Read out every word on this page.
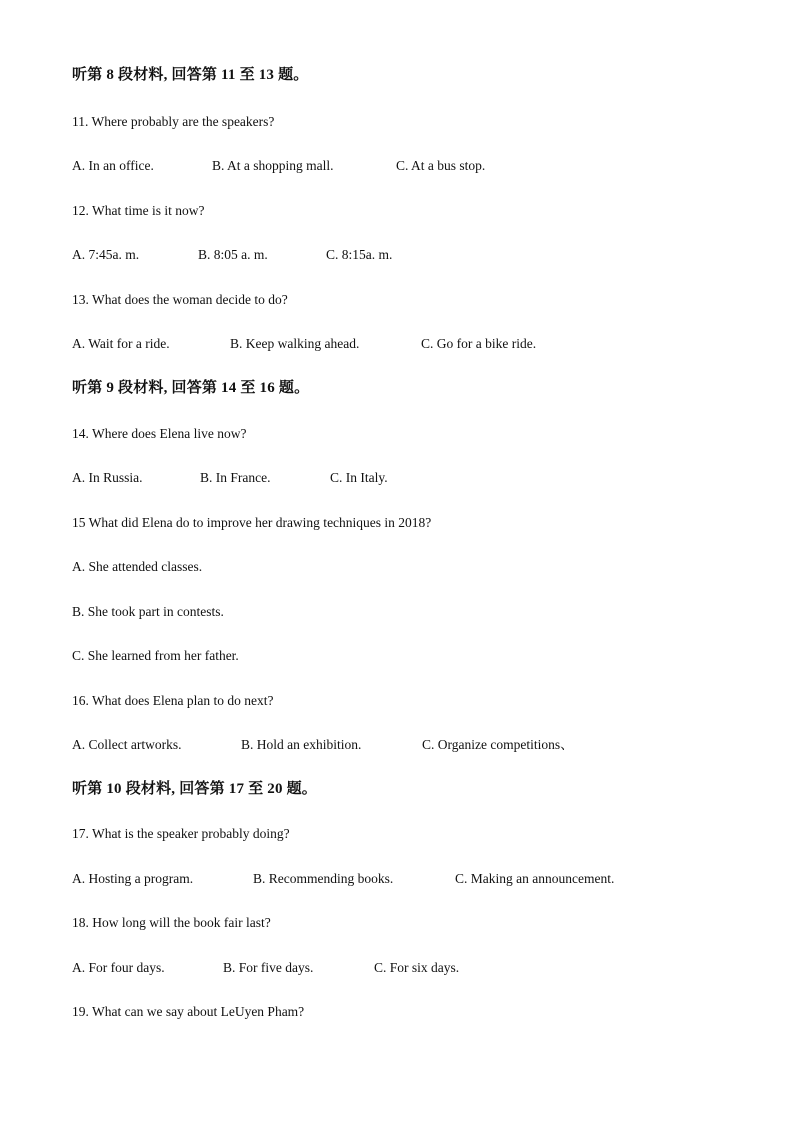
听第 8 段材料, 回答第 11 至 13 题。
11. Where probably are the speakers?
A. In an office.	B. At a shopping mall.	C. At a bus stop.
12. What time is it now?
A. 7:45a. m.	B. 8:05 a. m.	C. 8:15a. m.
13. What does the woman decide to do?
A. Wait for a ride.	B. Keep walking ahead.	C. Go for a bike ride.
听第 9 段材料, 回答第 14 至 16 题。
14. Where does Elena live now?
A. In Russia.	B. In France.	C. In Italy.
15 What did Elena do to improve her drawing techniques in 2018?
A. She attended classes.
B. She took part in contests.
C. She learned from her father.
16. What does Elena plan to do next?
A. Collect artworks.	B. Hold an exhibition.	C. Organize competitions、
听第 10 段材料, 回答第 17 至 20 题。
17. What is the speaker probably doing?
A. Hosting a program.	B. Recommending books.	C. Making an announcement.
18. How long will the book fair last?
A. For four days.	B. For five days.	C. For six days.
19. What can we say about LeUyen Pham?
